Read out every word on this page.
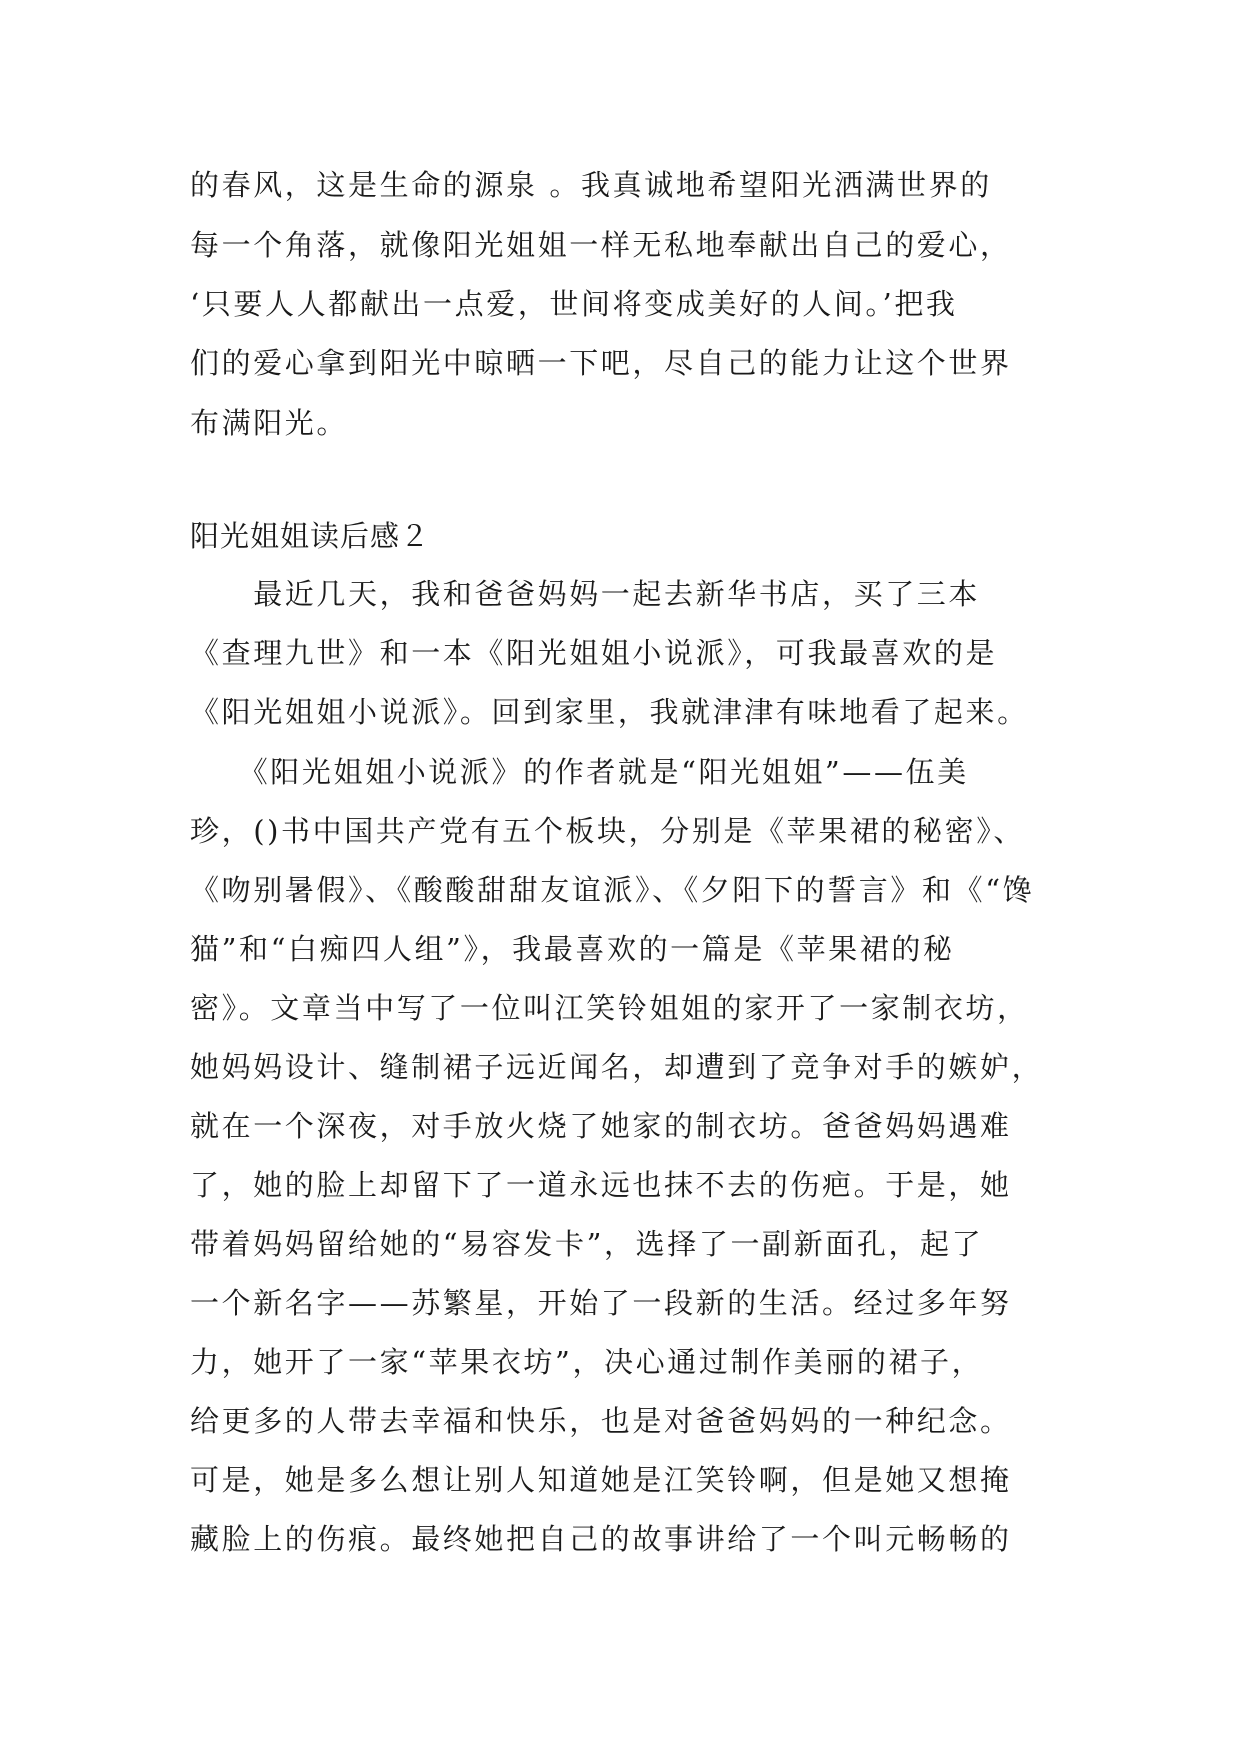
的春风，这是生命的源泉 。我真诚地希望阳光洒满世界的
每一个角落，就像阳光姐姐一样无私地奉献出自己的爱心，
‘只要人人都献出一点爱，世间将变成美好的人间。’把我
们的爱心拿到阳光中晾晒一下吧，尽自己的能力让这个世界
布满阳光。
阳光姐姐读后感２
　　最近几天，我和爸爸妈妈一起去新华书店，买了三本
《查理九世》和一本《阳光姐姐小说派》，可我最喜欢的是
《阳光姐姐小说派》。回到家里，我就津津有味地看了起来。
　　《阳光姐姐小说派》的作者就是“阳光姐姐”——伍美
珍，()书中国共产党有五个板块，分别是《苹果裙的秘密》、
《吻别暑假》、《酸酸甜甜友谊派》、《夕阳下的誓言》和《“馋
猫”和“白痴四人组”》，我最喜欢的一篇是《苹果裙的秘
密》。文章当中写了一位叫江笑铃姐姐的家开了一家制衣坊，
她妈妈设计、缝制裙子远近闻名，却遭到了竞争对手的嫉妒，
就在一个深夜，对手放火烧了她家的制衣坊。爸爸妈妈遇难
了，她的脸上却留下了一道永远也抹不去的伤疤。于是，她
带着妈妈留给她的“易容发卡”，选择了一副新面孔，起了
一个新名字——苏繁星，开始了一段新的生活。经过多年努
力，她开了一家“苹果衣坊”，决心通过制作美丽的裙子，
给更多的人带去幸福和快乐，也是对爸爸妈妈的一种纪念。
可是，她是多么想让别人知道她是江笑铃啊，但是她又想掩
藏脸上的伤痕。最终她把自己的故事讲给了一个叫元畅畅的
